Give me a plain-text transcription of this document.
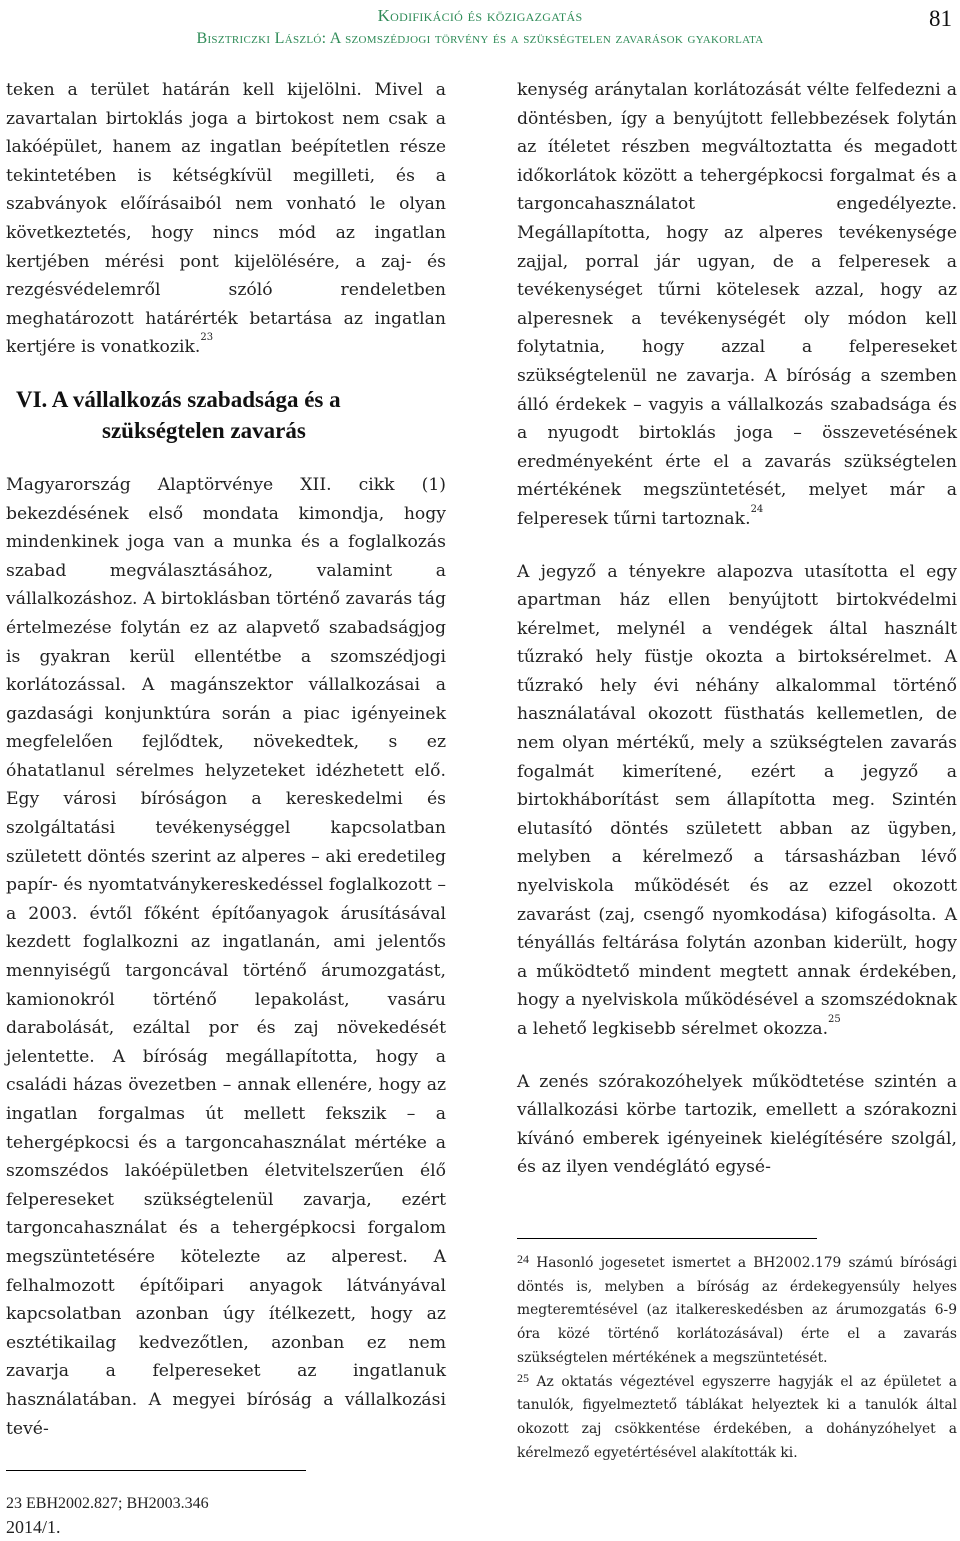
Kodifikáció és közigazgatás
Bisztriczki László: A szomszédjogi törvény és a szükségtelen zavarások gyakorlata
81

teken a terület határán kell kijelölni. Mivel a zavartalan birtoklás joga a birtokost nem csak a lakóépület, hanem az ingatlan beépítetlen része tekintetében is kétségkívül megilleti, és a szabványok előírásaiból nem vonható le olyan következtetés, hogy nincs mód az ingatlan kertjében mérési pont kijelölésére, a zaj- és rezgésvédelemről szóló rendeletben meghatározott határérték betartása az ingatlan kertjére is vonatkozik.$^{23}$

VI. A vállalkozás szabadsága és a
szükségtelen zavarás

Magyarország Alaptörvénye XII. cikk (1) bekezdésének első mondata kimondja, hogy mindenkinek joga van a munka és a foglalkozás szabad megválasztásához, valamint a vállalkozáshoz. A birtoklásban történő zavarás tág értelmezése folytán ez az alapvető szabadságjog is gyakran kerül ellentétbe a szomszédjogi korlátozással. A magánszektor vállalkozásai a gazdasági konjunktúra során a piac igényeinek megfelelően fejlődtek, növekedtek, s ez óhatatlanul sérelmes helyzeteket idézhetett elő. Egy városi bíróságon a kereskedelmi és szolgáltatási tevékenységgel kapcsolatban született döntés szerint az alperes – aki eredetileg papír- és nyomtatványkereskedéssel foglalkozott – a 2003. évtől főként építőanyagok árusításával kezdett foglalkozni az ingatlanán, ami jelentős mennyiségű targoncával történő árumozgatást, kamionokról történő lepakolást, vasáru darabolását, ezáltal por és zaj növekedését jelentette. A bíróság megállapította, hogy a családi házas övezetben – annak ellenére, hogy az ingatlan forgalmas út mellett fekszik – a tehergépkocsi és a targoncahasználat mértéke a szomszédos lakóépületben életvitelszerűen élő felpereseket szükségtelenül zavarja, ezért targoncahasználat és a tehergépkocsi forgalom megszüntetésére kötelezte az alperest. A felhalmozott építőipari anyagok látványával kapcsolatban azonban úgy ítélkezett, hogy az esztétikailag kedvezőtlen, azonban ez nem zavarja a felpereseket az ingatlanuk használatában. A megyei bíróság a vállalkozási tevé-

23 EBH2002.827; BH2003.346
2014/1.

kenység aránytalan korlátozását vélte felfedezni a döntésben, így a benyújtott fellebbezések folytán az ítéletet részben megváltoztatta és megadott időkorlátok között a tehergépkocsi forgalmat és a targoncahasználatot engedélyezte. Megállapította, hogy az alperes tevékenysége zajjal, porral jár ugyan, de a felperesek a tevékenységet tűrni kötelesek azzal, hogy az alperesnek a tevékenységét oly módon kell folytatnia, hogy azzal a felpereseket szükségtelenül ne zavarja. A bíróság a szemben álló érdekek – vagyis a vállalkozás szabadsága és a nyugodt birtoklás joga – összevetésének eredményeként érte el a zavarás szükségtelen mértékének megszüntetését, melyet már a felperesek tűrni tartoznak.$^{24}$

A jegyző a tényekre alapozva utasította el egy apartman ház ellen benyújtott birtokvédelmi kérelmet, melynél a vendégek által használt tűzrakó hely füstje okozta a birtoksérelmet. A tűzrakó hely évi néhány alkalommal történő használatával okozott füsthatás kellemetlen, de nem olyan mértékű, mely a szükségtelen zavarás fogalmát kimerítené, ezért a jegyző a birtokháborítást sem állapította meg. Szintén elutasító döntés született abban az ügyben, melyben a kérelmező a társasházban lévő nyelviskola működését és az ezzel okozott zavarást (zaj, csengő nyomkodása) kifogásolta. A tényállás feltárása folytán azonban kiderült, hogy a működtető mindent megtett annak érdekében, hogy a nyelviskola működésével a szomszédoknak a lehető legkisebb sérelmet okozza.$^{25}$

A zenés szórakozóhelyek működtetése szintén a vállalkozási körbe tartozik, emellett a szórakozni kívánó emberek igényeinek kielégítésére szolgál, és az ilyen vendéglátó egysé-

24 Hasonló jogesetet ismertet a BH2002.179 számú bírósági döntés is, melyben a bíróság az érdekegyensúly helyes megteremtésével (az italkereskedésben az árumozgatás 6-9 óra közé történő korlátozásával) érte el a zavarás szükségtelen mértékének a megszüntetését.

25 Az oktatás végeztével egyszerre hagyják el az épületet a tanulók, figyelmeztető táblákat helyeztek ki a tanulók által okozott zaj csökkentése érdekében, a dohányzóhelyet a kérelmező egyetértésével alakították ki.
